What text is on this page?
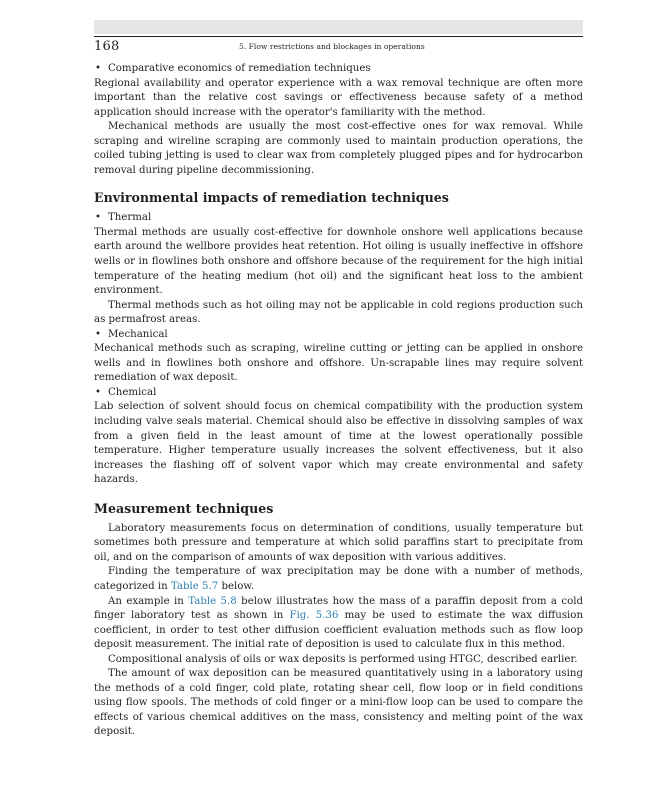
168	5. Flow restrictions and blockages in operations

• Comparative economics of remediation techniques

Regional availability and operator experience with a wax removal technique are often more important than the relative cost savings or effectiveness because safety of a method application should increase with the operator's familiarity with the method.

Mechanical methods are usually the most cost-effective ones for wax removal. While scraping and wireline scraping are commonly used to maintain production operations, the coiled tubing jetting is used to clear wax from completely plugged pipes and for hydrocarbon removal during pipeline decommissioning.

Environmental impacts of remediation techniques

• Thermal

Thermal methods are usually cost-effective for downhole onshore well applications because earth around the wellbore provides heat retention. Hot oiling is usually ineffective in offshore wells or in flowlines both onshore and offshore because of the requirement for the high initial temperature of the heating medium (hot oil) and the significant heat loss to the ambient environment.

Thermal methods such as hot oiling may not be applicable in cold regions production such as permafrost areas.

• Mechanical

Mechanical methods such as scraping, wireline cutting or jetting can be applied in onshore wells and in flowlines both onshore and offshore. Un-scrapable lines may require solvent remediation of wax deposit.

• Chemical

Lab selection of solvent should focus on chemical compatibility with the production system including valve seals material. Chemical should also be effective in dissolving samples of wax from a given field in the least amount of time at the lowest operationally possible temperature. Higher temperature usually increases the solvent effectiveness, but it also increases the flashing off of solvent vapor which may create environmental and safety hazards.

Measurement techniques

Laboratory measurements focus on determination of conditions, usually temperature but sometimes both pressure and temperature at which solid paraffins start to precipitate from oil, and on the comparison of amounts of wax deposition with various additives.

Finding the temperature of wax precipitation may be done with a number of methods, categorized in Table 5.7 below.

An example in Table 5.8 below illustrates how the mass of a paraffin deposit from a cold finger laboratory test as shown in Fig. 5.36 may be used to estimate the wax diffusion coefficient, in order to test other diffusion coefficient evaluation methods such as flow loop deposit measurement. The initial rate of deposition is used to calculate flux in this method.

Compositional analysis of oils or wax deposits is performed using HTGC, described earlier.

The amount of wax deposition can be measured quantitatively using in a laboratory using the methods of a cold finger, cold plate, rotating shear cell, flow loop or in field conditions using flow spools. The methods of cold finger or a mini-flow loop can be used to compare the effects of various chemical additives on the mass, consistency and melting point of the wax deposit.
